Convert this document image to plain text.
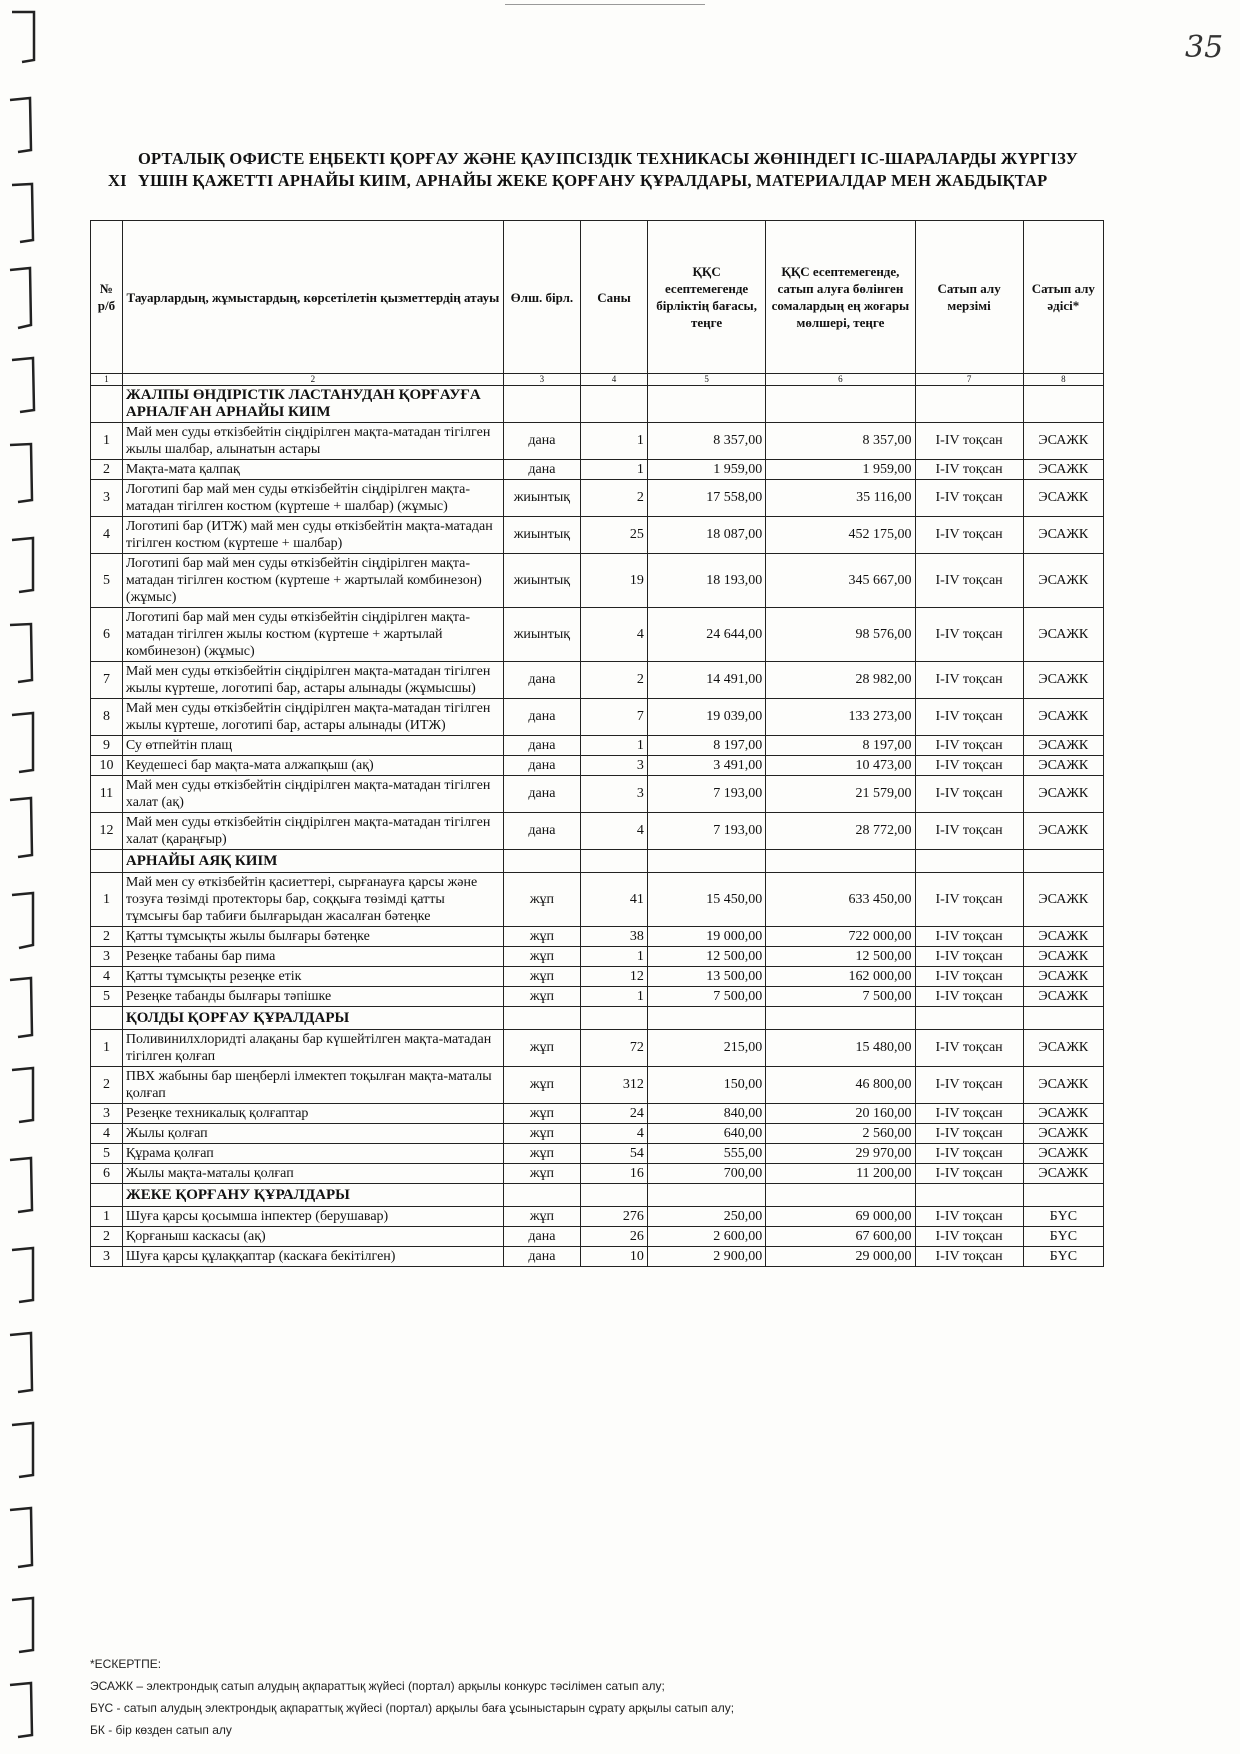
35
XI
ОРТАЛЫҚ ОФИСТЕ ЕҢБЕКТІ ҚОРҒАУ ЖӘНЕ ҚАУІПСІЗДІК ТЕХНИКАСЫ ЖӨНІНДЕГІ ІС-ШАРАЛАРДЫ ЖҮРГІЗУ ҮШІН ҚАЖЕТТІ АРНАЙЫ КИІМ, АРНАЙЫ ЖЕКЕ ҚОРҒАНУ ҚҰРАЛДАРЫ, МАТЕРИАЛДАР МЕН ЖАБДЫҚТАР
№ р/б	Тауарлардың, жұмыстардың, көрсетілетін қызметтердің атауы	Өлш. бірл.	Саны	ҚҚС есептемегенде бірліктің бағасы, теңге	ҚҚС есептемегенде, сатып алуға бөлінген сомалардың ең жоғары мөлшері, теңге	Сатып алу мерзімі	Сатып алу әдісі*
1	2	3	4	5	6	7	8
	ЖАЛПЫ ӨНДІРІСТІК ЛАСТАНУДАН ҚОРҒАУҒА АРНАЛҒАН АРНАЙЫ КИІМ						
1	Май мен суды өткізбейтін сіңдірілген мақта-матадан тігілген жылы шалбар, алынатын астары	дана	1	8 357,00	8 357,00	I-IV тоқсан	ЭСАЖК
2	Мақта-мата қалпақ	дана	1	1 959,00	1 959,00	I-IV тоқсан	ЭСАЖК
3	Логотипі бар май мен суды өткізбейтін сіңдірілген мақта-матадан тігілген костюм (күртеше + шалбар) (жұмыс)	жиынтық	2	17 558,00	35 116,00	I-IV тоқсан	ЭСАЖК
4	Логотипі бар (ИТЖ) май мен суды өткізбейтін мақта-матадан тігілген костюм (күртеше + шалбар)	жиынтық	25	18 087,00	452 175,00	I-IV тоқсан	ЭСАЖК
5	Логотипі бар май мен суды өткізбейтін сіңдірілген мақта-матадан тігілген костюм (күртеше + жартылай комбинезон) (жұмыс)	жиынтық	19	18 193,00	345 667,00	I-IV тоқсан	ЭСАЖК
6	Логотипі бар май мен суды өткізбейтін сіңдірілген мақта-матадан тігілген жылы костюм (күртеше + жартылай комбинезон) (жұмыс)	жиынтық	4	24 644,00	98 576,00	I-IV тоқсан	ЭСАЖК
7	Май мен суды өткізбейтін сіңдірілген мақта-матадан тігілген жылы күртеше, логотипі бар, астары алынады (жұмысшы)	дана	2	14 491,00	28 982,00	I-IV тоқсан	ЭСАЖК
8	Май мен суды өткізбейтін сіңдірілген мақта-матадан тігілген жылы күртеше, логотипі бар, астары алынады (ИТЖ)	дана	7	19 039,00	133 273,00	I-IV тоқсан	ЭСАЖК
9	Су өтпейтін плащ	дана	1	8 197,00	8 197,00	I-IV тоқсан	ЭСАЖК
10	Кеудешесі бар мақта-мата алжапқыш (ақ)	дана	3	3 491,00	10 473,00	I-IV тоқсан	ЭСАЖК
11	Май мен суды өткізбейтін сіңдірілген мақта-матадан тігілген халат (ақ)	дана	3	7 193,00	21 579,00	I-IV тоқсан	ЭСАЖК
12	Май мен суды өткізбейтін сіңдірілген мақта-матадан тігілген халат (қараңғыр)	дана	4	7 193,00	28 772,00	I-IV тоқсан	ЭСАЖК
	АРНАЙЫ АЯҚ КИІМ						
1	Май мен су өткізбейтін қасиеттері, сырғанауға қарсы және тозуға төзімді протекторы бар, соққыға төзімді қатты тұмсығы бар табиғи былғарыдан жасалған бәтеңке	жұп	41	15 450,00	633 450,00	I-IV тоқсан	ЭСАЖК
2	Қатты тұмсықты жылы былғары бәтеңке	жұп	38	19 000,00	722 000,00	I-IV тоқсан	ЭСАЖК
3	Резеңке табаны бар пима	жұп	1	12 500,00	12 500,00	I-IV тоқсан	ЭСАЖК
4	Қатты тұмсықты резеңке етік	жұп	12	13 500,00	162 000,00	I-IV тоқсан	ЭСАЖК
5	Резеңке табанды былғары тәпішке	жұп	1	7 500,00	7 500,00	I-IV тоқсан	ЭСАЖК
	ҚОЛДЫ ҚОРҒАУ ҚҰРАЛДАРЫ						
1	Поливинилхлоридті алақаны бар күшейтілген мақта-матадан тігілген қолғап	жұп	72	215,00	15 480,00	I-IV тоқсан	ЭСАЖК
2	ПВХ жабыны бар шеңберлі ілмектеп тоқылған мақта-маталы қолғап	жұп	312	150,00	46 800,00	I-IV тоқсан	ЭСАЖК
3	Резеңке техникалық қолғаптар	жұп	24	840,00	20 160,00	I-IV тоқсан	ЭСАЖК
4	Жылы қолғап	жұп	4	640,00	2 560,00	I-IV тоқсан	ЭСАЖК
5	Құрама қолғап	жұп	54	555,00	29 970,00	I-IV тоқсан	ЭСАЖК
6	Жылы мақта-маталы қолғап	жұп	16	700,00	11 200,00	I-IV тоқсан	ЭСАЖК
	ЖЕКЕ ҚОРҒАНУ ҚҰРАЛДАРЫ						
1	Шуға қарсы қосымша інпектер (берушавар)	жұп	276	250,00	69 000,00	I-IV тоқсан	БҮС
2	Қорғаныш каскасы (ақ)	дана	26	2 600,00	67 600,00	I-IV тоқсан	БҮС
3	Шуға қарсы құлаққаптар (каскаға бекітілген)	дана	10	2 900,00	29 000,00	I-IV тоқсан	БҮС
*ЕСКЕРТПЕ:
ЭСАЖК – электрондық сатып алудың ақпараттық жүйесі (портал) арқылы конкурс тәсілімен сатып алу;
БҮС - сатып алудың электрондық ақпараттық жүйесі (портал) арқылы баға ұсыныстарын сұрату арқылы сатып алу;
БК - бір көзден сатып алу
